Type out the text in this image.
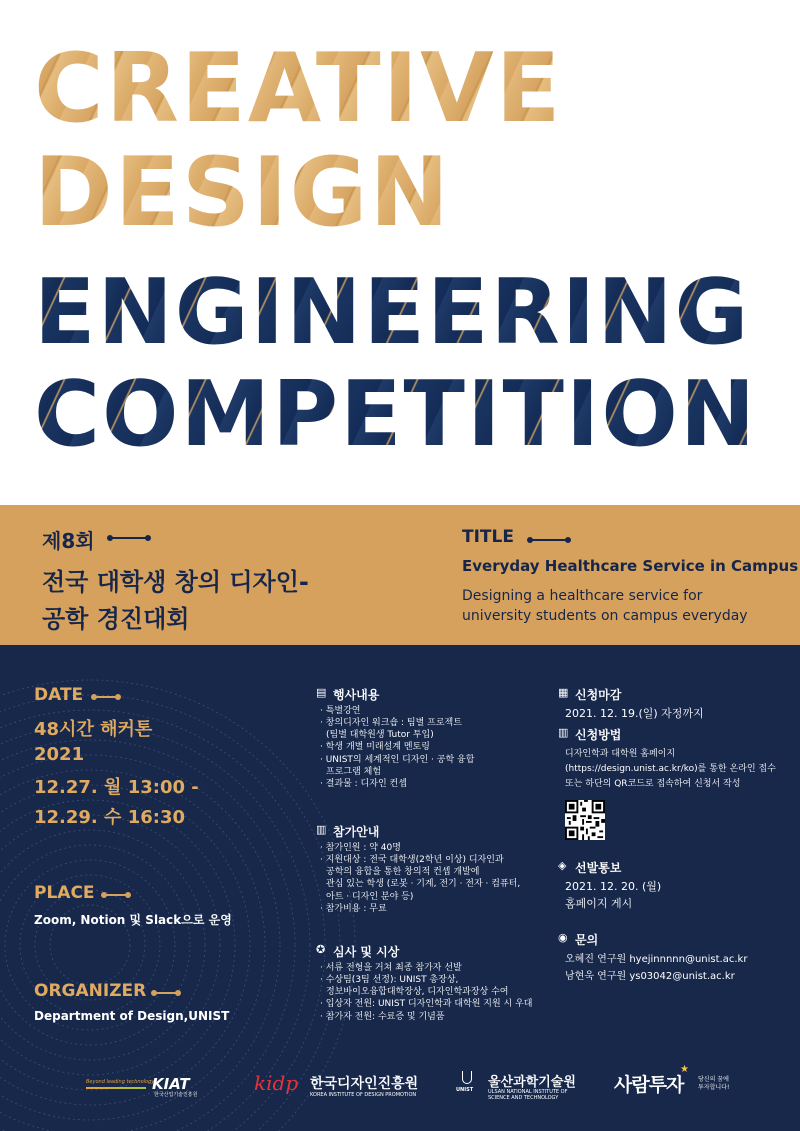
CREATIVE
DESIGN
ENGINEERING
COMPETITION
제8회
전국 대학생 창의 디자인-
공학 경진대회
TITLE
Everyday Healthcare Service in Campus
Designing a healthcare service for
university students on campus everyday
DATE
48시간 해커톤
2021
12.27. 월 13:00 -
12.29. 수 16:30
PLACE
Zoom, Notion 및 Slack으로 운영
ORGANIZER
Department of Design,UNIST
▤ 행사내용
· 특별강연
· 창의디자인 워크숍 : 팀별 프로젝트
(팀별 대학원생 Tutor 투입)
· 학생 개별 미래설계 멘토링
· UNIST의 세계적인 디자인 · 공학 융합
프로그램 체험
· 결과물 : 디자인 컨셉
▥ 참가안내
· 참가인원 : 약 40명
· 지원대상 : 전국 대학생(2학년 이상) 디자인과
공학의 융합을 통한 창의적 컨셉 개발에
관심 있는 학생 (로봇 · 기계, 전기 · 전자 · 컴퓨터,
아트 · 디자인 분야 등)
· 참가비용 : 무료
✪ 심사 및 시상
· 서류 전형을 거쳐 최종 참가자 선발
· 수상팀(3팀 선정): UNIST 총장상,
정보바이오융합대학장상, 디자인학과장상 수여
· 입상자 전원: UNIST 디자인학과 대학원 지원 시 우대
· 참가자 전원: 수료증 및 기념품
▦ 신청마감
2021. 12. 19.(일) 자정까지
▥ 신청방법
디자인학과 대학원 홈페이지
(https://design.unist.ac.kr/ko)를 통한 온라인 접수
또는 하단의 QR코드로 접속하여 신청서 작성
◈ 선발통보
2021. 12. 20. (월)
홈페이지 게시
◉ 문의
오혜진 연구원 hyejinnnnn@unist.ac.kr
남현욱 연구원 ys03042@unist.ac.kr
Beyond leading technology
KIAT
한국산업기술진흥원	kidp 한국디자인진흥원
KOREA INSTITUTE OF DESIGN PROMOTION
UNIST 울산과학기술원
ULSAN NATIONAL INSTITUTE OF
SCIENCE AND TECHNOLOGY
사람투자
★
당신의 꿈에
투자합니다!
